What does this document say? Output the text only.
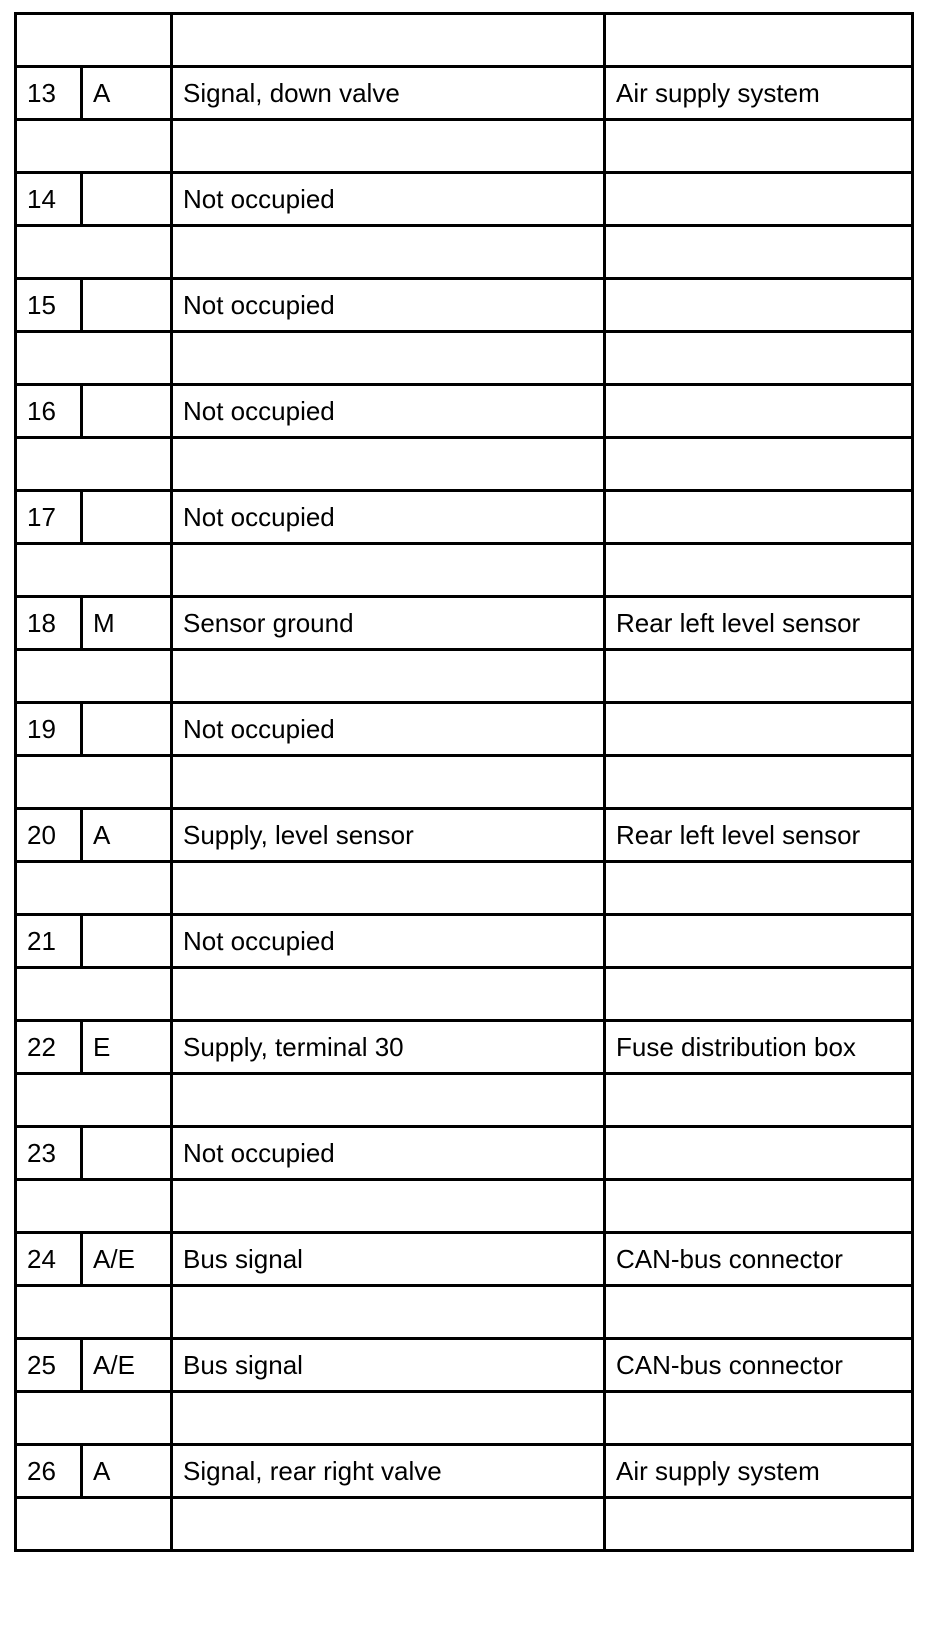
13	A	Signal, down valve	Air supply system

14		Not occupied	

15		Not occupied	

16		Not occupied	

17		Not occupied	

18	M	Sensor ground	Rear left level sensor

19		Not occupied	

20	A	Supply, level sensor	Rear left level sensor

21		Not occupied	

22	E	Supply, terminal 30	Fuse distribution box

23		Not occupied	

24	A/E	Bus signal	CAN-bus connector

25	A/E	Bus signal	CAN-bus connector

26	A	Signal, rear right valve	Air supply system
